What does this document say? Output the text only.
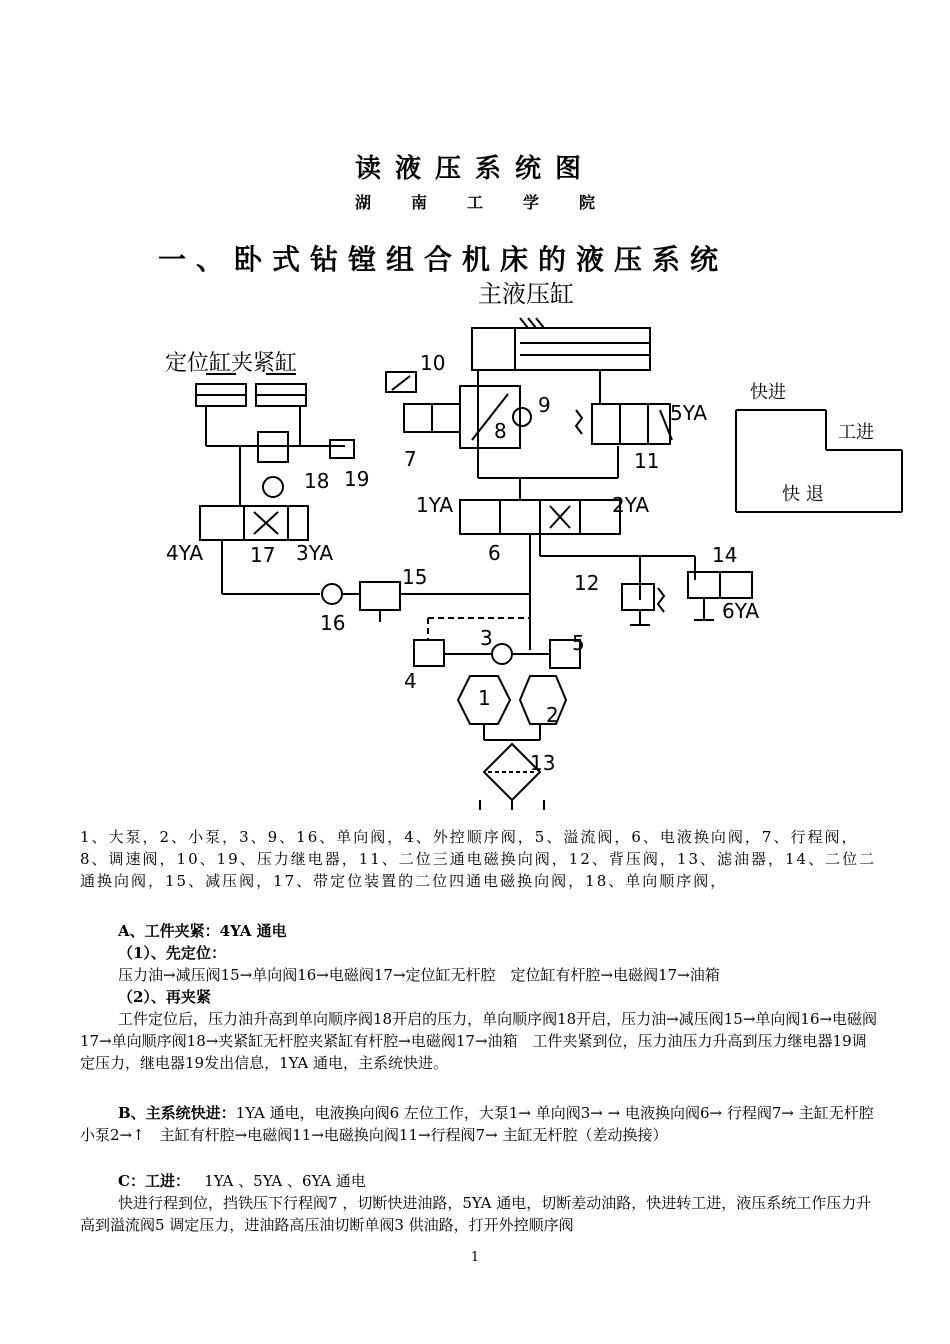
读液压系统图
湖南工学院
一、卧式钻镗组合机床的液压系统
主液压缸
定位缸夹紧缸
快进
工进
快 退
1
2
3
4
5
6
7
8
9
10
11
12
13
14
15
16
17
18 19
1YA	2YA
3YA
4YA
5YA
6YA
1、大泵，2、小泵，3、9、16、单向阀，4、外控顺序阀，5、溢流阀，6、电液换向阀，7、行程阀，8、调速阀，10、19、压力继电器，11、二位三通电磁换向阀，12、背压阀，13、滤油器，14、二位二通换向阀，15、减压阀，17、带定位装置的二位四通电磁换向阀，18、单向顺序阀，
A、工件夹紧：4YA 通电
（1）、先定位：
压力油→减压阀15→单向阀16→电磁阀17→定位缸无杆腔　定位缸有杆腔→电磁阀17→油箱
（2）、再夹紧
工件定位后，压力油升高到单向顺序阀18开启的压力，单向顺序阀18开启，压力油→减压阀15→单向阀16→电磁阀17→单向顺序阀18→夹紧缸无杆腔夹紧缸有杆腔→电磁阀17→油箱　工件夹紧到位，压力油压力升高到压力继电器19调定压力，继电器19发出信息，1YA 通电，主系统快进。
B、主系统快进：1YA 通电，电液换向阀6 左位工作，大泵1→ 单向阀3→ → 电液换向阀6→ 行程阀7→ 主缸无杆腔小泵2→↑　主缸有杆腔→电磁阀11→电磁换向阀11→行程阀7→ 主缸无杆腔（差动换接）
C：工进： 1YA 、5YA 、6YA 通电
快进行程到位，挡铁压下行程阀7 ，切断快进油路，5YA 通电，切断差动油路，快进转工进，液压系统工作压力升高到溢流阀5 调定压力，进油路高压油切断单阀3 供油路，打开外控顺序阀
1
